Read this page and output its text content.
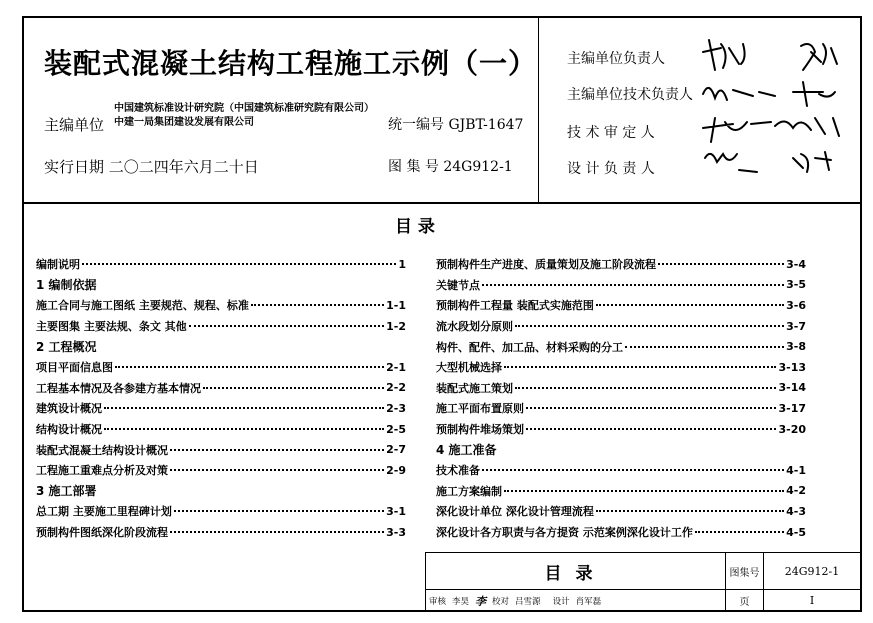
装配式混凝土结构工程施工示例（一）
主编单位
中国建筑标准设计研究院（中国建筑标准研究院有限公司）
中建一局集团建设发展有限公司	统一编号 GJBT-1647
实行日期 二〇二四年六月二十日	图 集 号 24G912-1
主编单位负责人
主编单位技术负责人
技 术 审 定 人
设 计 负 责 人
目 录
编制说明	1
1 编制依据
施工合同与施工图纸 主要规范、规程、标准	1-1
主要图集 主要法规、条文 其他	1-2
2 工程概况
项目平面信息图	2-1
工程基本情况及各参建方基本情况	2-2
建筑设计概况	2-3
结构设计概况	2-5
装配式混凝土结构设计概况	2-7
工程施工重难点分析及对策	2-9
3 施工部署
总工期 主要施工里程碑计划	3-1
预制构件图纸深化阶段流程	3-3
预制构件生产进度、质量策划及施工阶段流程	3-4
关键节点	3-5
预制构件工程量 装配式实施范围	3-6
流水段划分原则	3-7
构件、配件、加工品、材料采购的分工	3-8
大型机械选择	3-13
装配式施工策划	3-14
施工平面布置原则	3-17
预制构件堆场策划	3-20
4 施工准备
技术准备	4-1
施工方案编制	4-2
深化设计单位 深化设计管理流程	4-3
深化设计各方职责与各方提资 示范案例深化设计工作	4-5
目录	图集号	24G912-1
页	I
审核 李昊 李 校对 吕雪源	设计 肖军磊
